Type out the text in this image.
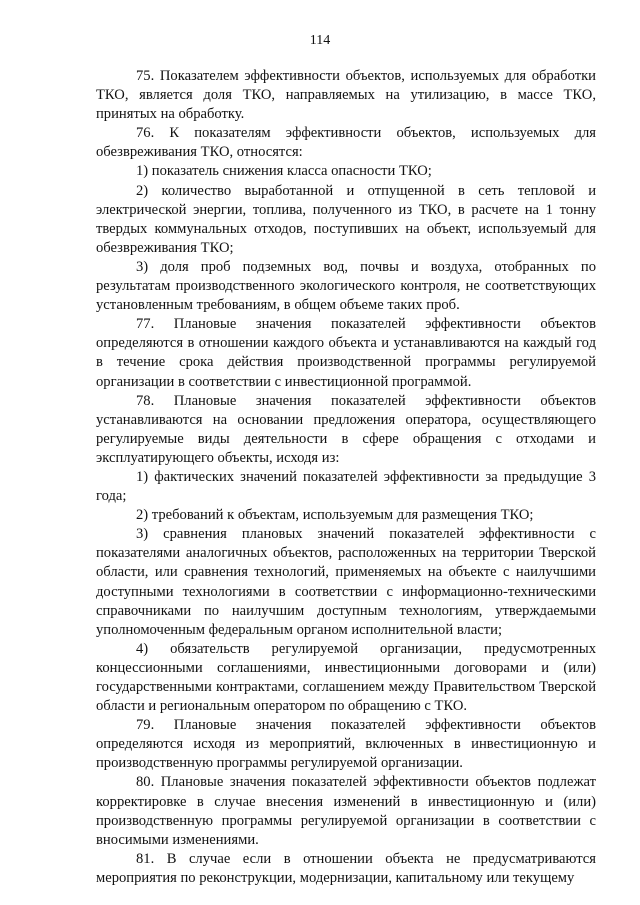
114

75. Показателем эффективности объектов, используемых для обработки ТКО, является доля ТКО, направляемых на утилизацию, в массе ТКО, принятых на обработку.

76. К показателям эффективности объектов, используемых для обезвреживания ТКО, относятся:

1) показатель снижения класса опасности ТКО;

2) количество выработанной и отпущенной в сеть тепловой и электрической энергии, топлива, полученного из ТКО, в расчете на 1 тонну твердых коммунальных отходов, поступивших на объект, используемый для обезвреживания ТКО;

3) доля проб подземных вод, почвы и воздуха, отобранных по результатам производственного экологического контроля, не соответствующих установленным требованиям, в общем объеме таких проб.

77. Плановые значения показателей эффективности объектов определяются в отношении каждого объекта и устанавливаются на каждый год в течение срока действия производственной программы регулируемой организации в соответствии с инвестиционной программой.

78. Плановые значения показателей эффективности объектов устанавливаются на основании предложения оператора, осуществляющего регулируемые виды деятельности в сфере обращения с отходами и эксплуатирующего объекты, исходя из:

1) фактических значений показателей эффективности за предыдущие 3 года;

2) требований к объектам, используемым для размещения ТКО;

3) сравнения плановых значений показателей эффективности с показателями аналогичных объектов, расположенных на территории Тверской области, или сравнения технологий, применяемых на объекте с наилучшими доступными технологиями в соответствии с информационно-техническими справочниками по наилучшим доступным технологиям, утверждаемыми уполномоченным федеральным органом исполнительной власти;

4) обязательств регулируемой организации, предусмотренных концессионными соглашениями, инвестиционными договорами и (или) государственными контрактами, соглашением между Правительством Тверской области и региональным оператором по обращению с ТКО.

79. Плановые значения показателей эффективности объектов определяются исходя из мероприятий, включенных в инвестиционную и производственную программы регулируемой организации.

80. Плановые значения показателей эффективности объектов подлежат корректировке в случае внесения изменений в инвестиционную и (или) производственную программы регулируемой организации в соответствии с вносимыми изменениями.

81. В случае если в отношении объекта не предусматриваются мероприятия по реконструкции, модернизации, капитальному или текущему
